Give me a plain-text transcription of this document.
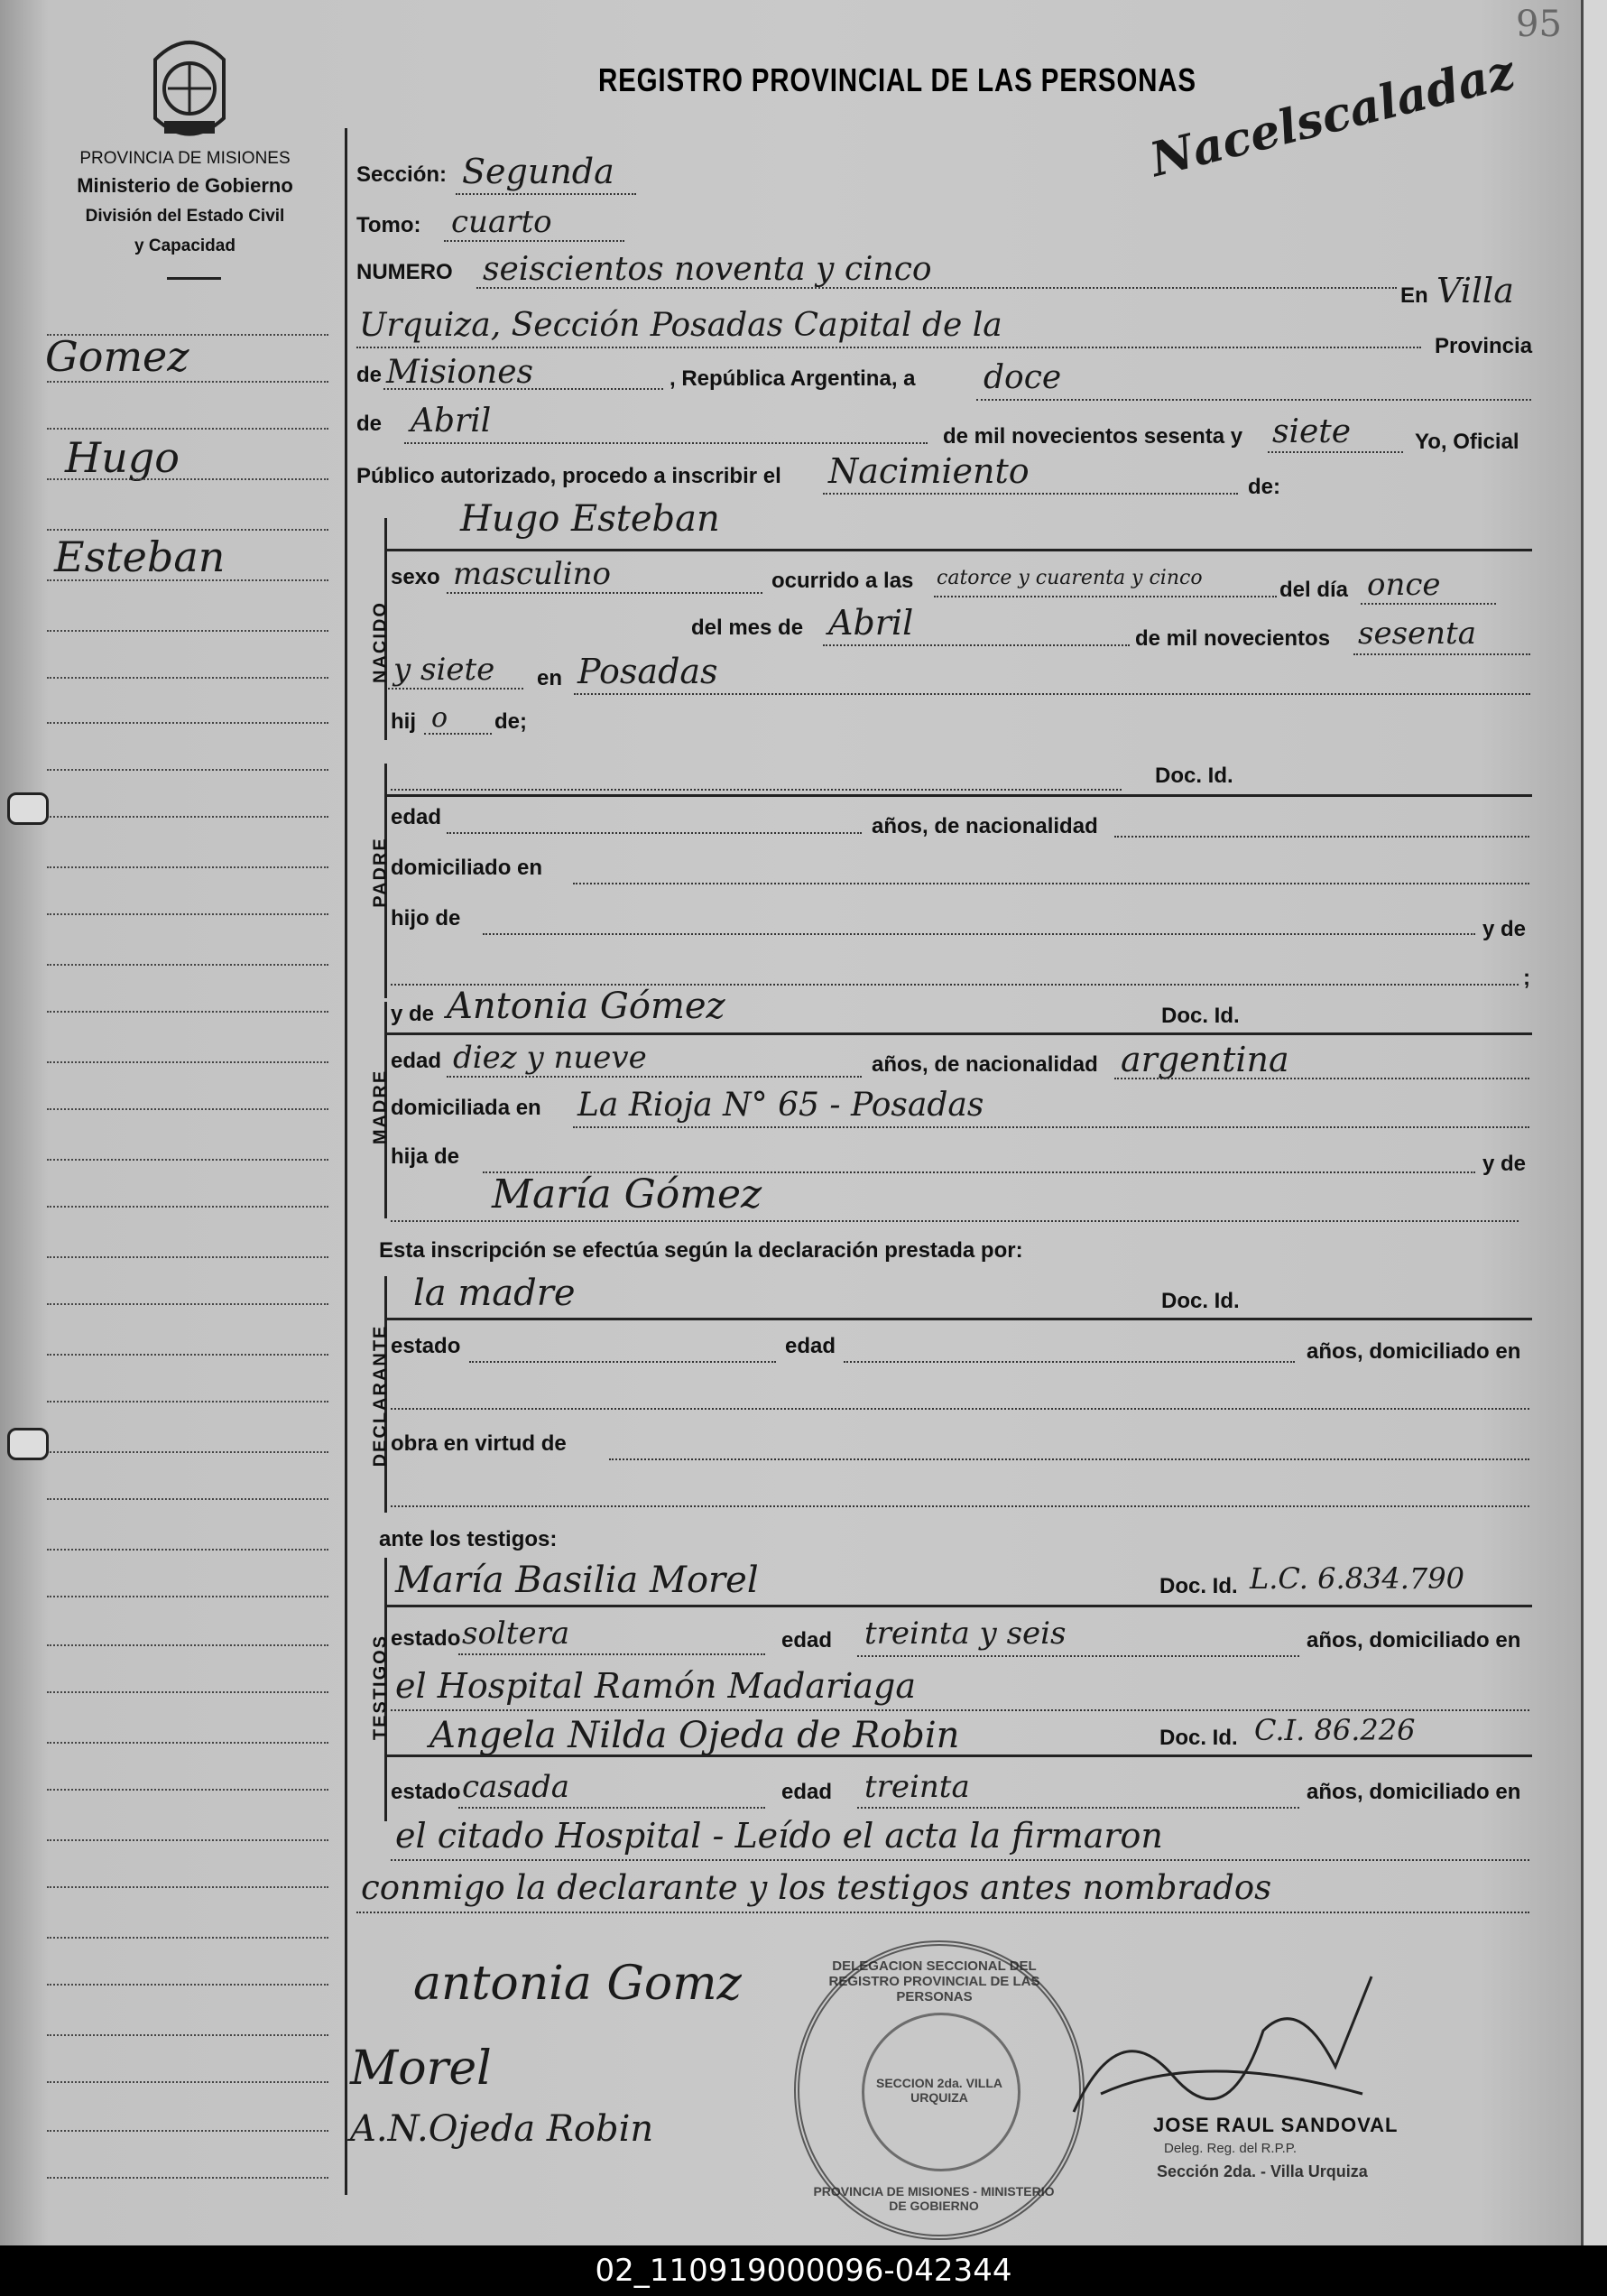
95
PROVINCIA DE MISIONES
Ministerio de Gobierno
División del Estado Civil
y Capacidad
REGISTRO PROVINCIAL DE LAS PERSONAS
Nacelscaladaz
Gomez
Hugo
Esteban
Sección: Segunda
Tomo: cuarto
NUMERO seiscientos noventa y cinco
En Villa
Urquiza, Sección Posadas Capital de la
Provincia
de Misiones	, República Argentina, a doce
de Abril	de mil novecientos sesenta y siete	Yo, Oficial
Público autorizado, procedo a inscribir el Nacimiento	de:
NACIDO
Hugo Esteban
sexo masculino	ocurrido a las catorce y cuarenta y cinco	del día once
del mes de Abril	de mil novecientos sesenta
y siete en Posadas
hij o de;
PADRE
Doc. Id.
edad	años, de nacionalidad
domiciliado en
hijo de	y de
;
MADRE
y de Antonia Gómez	Doc. Id.
edad diez y nueve	años, de nacionalidad argentina
domiciliada en La Rioja N° 65 - Posadas
hija de	y de
María Gómez
Esta inscripción se efectúa según la declaración prestada por:
DECLARANTE
la madre	Doc. Id.
estado	edad	años, domiciliado en
obra en virtud de
ante los testigos:
TESTIGOS
María Basilia Morel	Doc. Id. L.C. 6.834.790
estado soltera	edad treinta y seis	años, domiciliado en
el Hospital Ramón Madariaga
Angela Nilda Ojeda de Robin	Doc. Id. C.I. 86.226
estado casada	edad treinta	años, domiciliado en
el citado Hospital - Leído el acta la firmaron
conmigo la declarante y los testigos antes nombrados
DELEGACION SECCIONAL DEL REGISTRO PROVINCIAL DE LAS PERSONAS
SECCION 2da. VILLA URQUIZA
PROVINCIA DE MISIONES - MINISTERIO DE GOBIERNO
antonia Gomz
Morel
A.N.Ojeda Robin	JOSE RAUL SANDOVAL
Deleg. Reg. del R.P.P.
Sección 2da. - Villa Urquiza
02_110919000096-042344
